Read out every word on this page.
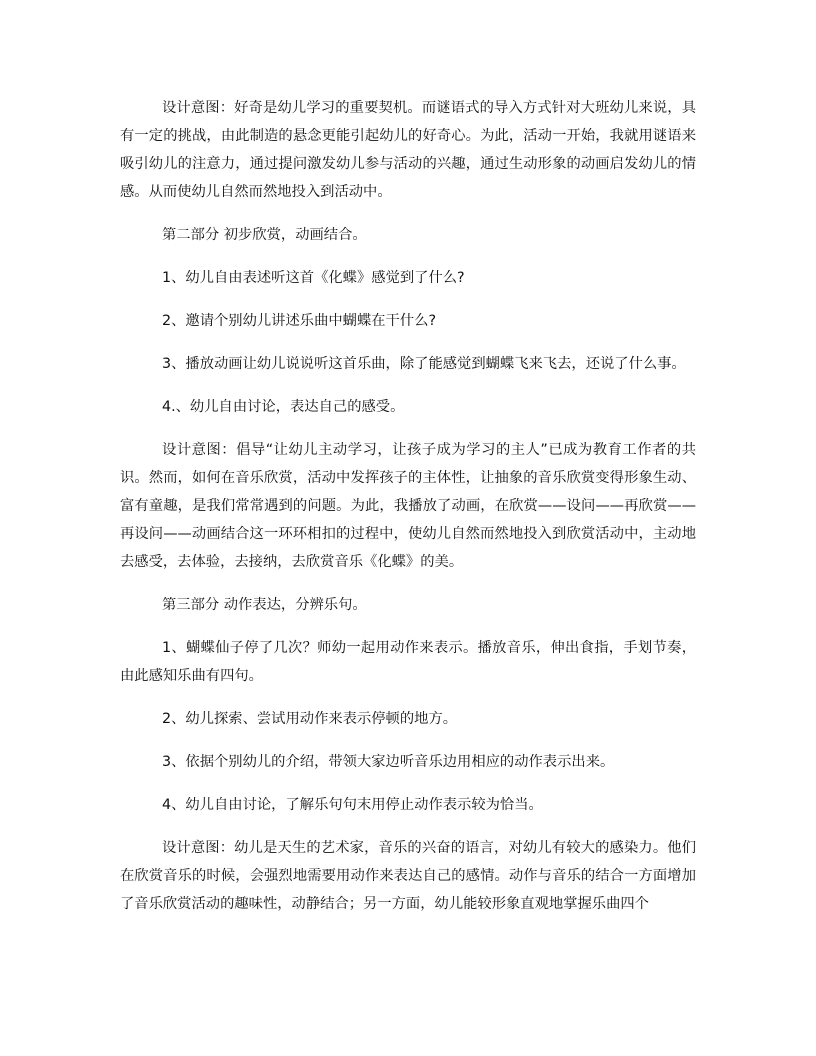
设计意图：好奇是幼儿学习的重要契机。而谜语式的导入方式针对大班幼儿来说，具有一定的挑战，由此制造的悬念更能引起幼儿的好奇心。为此，活动一开始，我就用谜语来吸引幼儿的注意力，通过提问激发幼儿参与活动的兴趣，通过生动形象的动画启发幼儿的情感。从而使幼儿自然而然地投入到活动中。

第二部分 初步欣赏，动画结合。

1、幼儿自由表述听这首《化蝶》感觉到了什么?

2、邀请个别幼儿讲述乐曲中蝴蝶在干什么?

3、播放动画让幼儿说说听这首乐曲，除了能感觉到蝴蝶飞来飞去，还说了什么事。

4.、幼儿自由讨论，表达自己的感受。

设计意图：倡导“让幼儿主动学习，让孩子成为学习的主人”已成为教育工作者的共识。然而，如何在音乐欣赏，活动中发挥孩子的主体性，让抽象的音乐欣赏变得形象生动、富有童趣，是我们常常遇到的问题。为此，我播放了动画，在欣赏——设问——再欣赏——再设问——动画结合这一环环相扣的过程中，使幼儿自然而然地投入到欣赏活动中，主动地去感受，去体验，去接纳，去欣赏音乐《化蝶》的美。

第三部分 动作表达，分辨乐句。

1、蝴蝶仙子停了几次？师幼一起用动作来表示。播放音乐，伸出食指，手划节奏，由此感知乐曲有四句。

2、幼儿探索、尝试用动作来表示停顿的地方。

3、依据个别幼儿的介绍，带领大家边听音乐边用相应的动作表示出来。

4、幼儿自由讨论，了解乐句句末用停止动作表示较为恰当。

设计意图：幼儿是天生的艺术家，音乐的兴奋的语言，对幼儿有较大的感染力。他们在欣赏音乐的时候，会强烈地需要用动作来表达自己的感情。动作与音乐的结合一方面增加了音乐欣赏活动的趣味性，动静结合；另一方面，幼儿能较形象直观地掌握乐曲四个
